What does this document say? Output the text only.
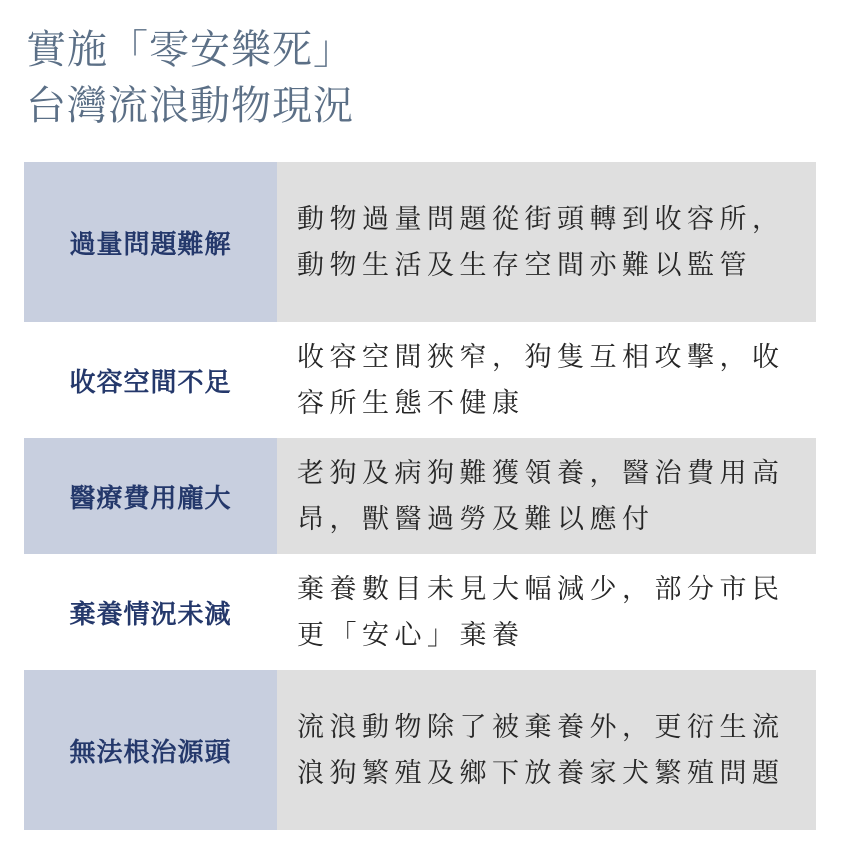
實施「零安樂死」
台灣流浪動物現況
過量問題難解
動物過量問題從街頭轉到收容所，動物生活及生存空間亦難以監管
收容空間不足
收容空間狹窄，狗隻互相攻擊，收容所生態不健康
醫療費用龐大
老狗及病狗難獲領養，醫治費用高昂，獸醫過勞及難以應付
棄養情況未減
棄養數目未見大幅減少，部分市民更「安心」棄養
無法根治源頭
流浪動物除了被棄養外，更衍生流浪狗繁殖及鄉下放養家犬繁殖問題
